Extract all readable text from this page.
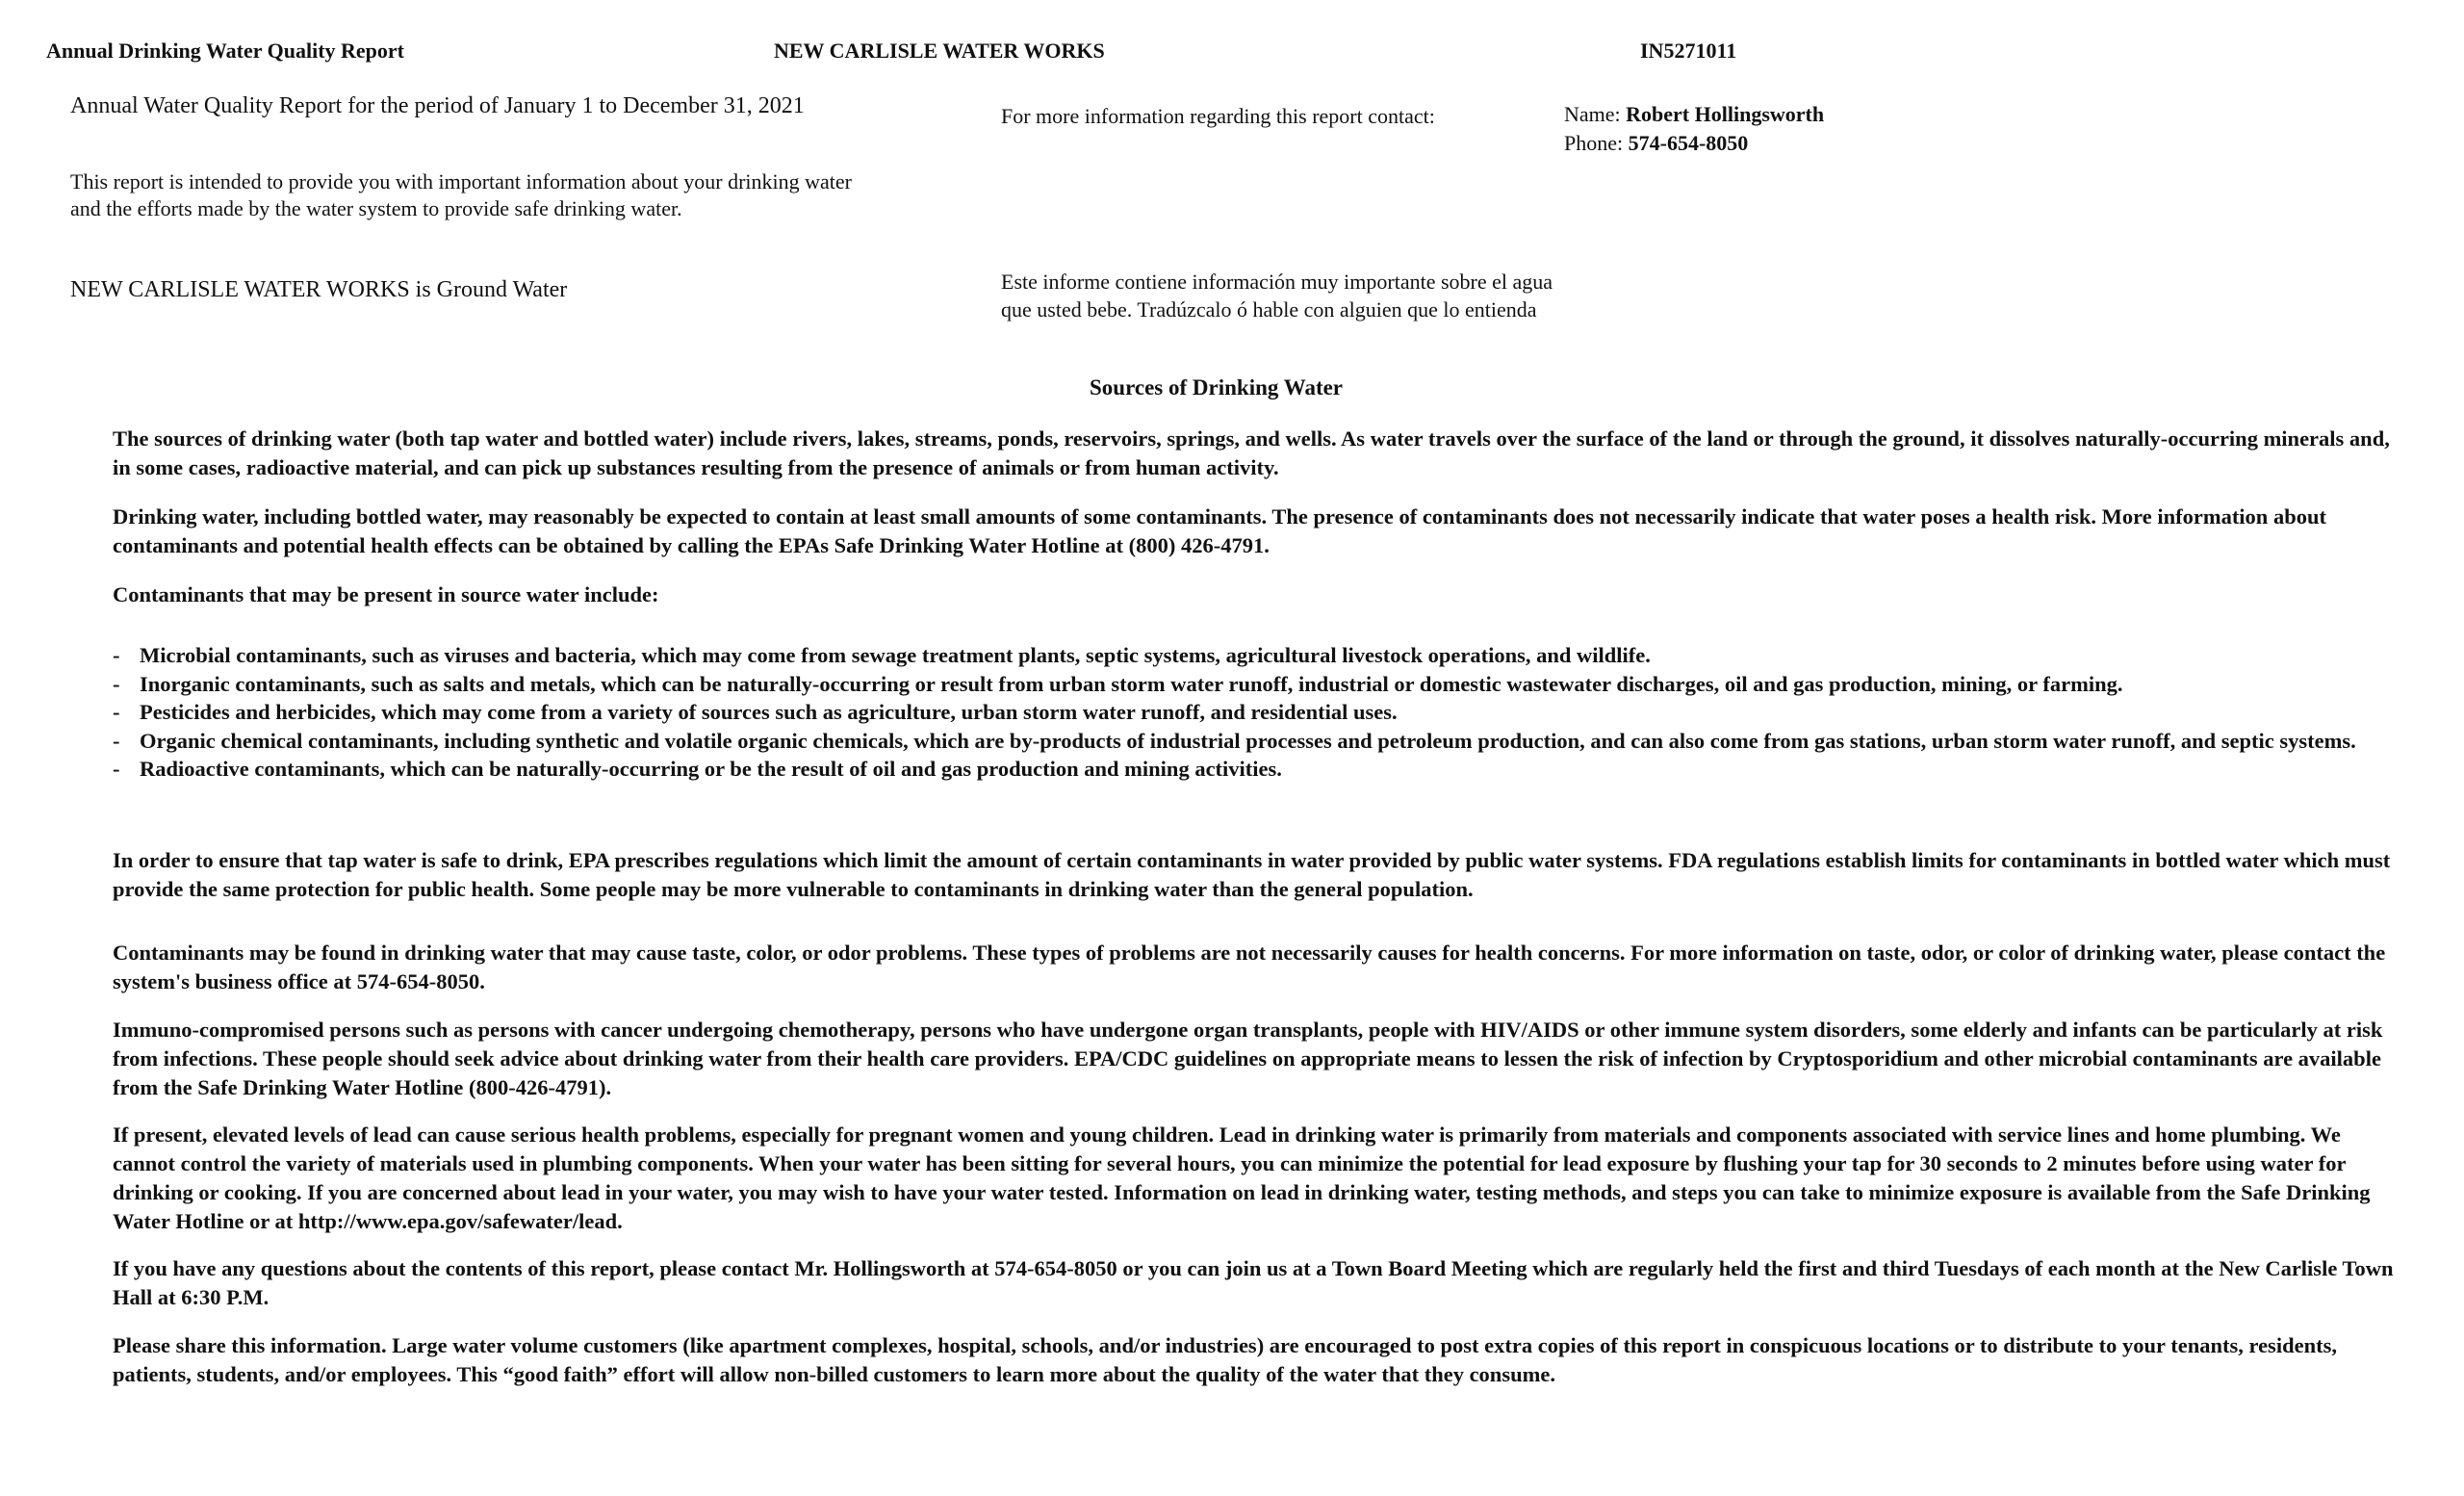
Annual Drinking Water Quality Report	NEW CARLISLE WATER WORKS	IN5271011
Annual Water Quality Report for the period of January 1 to December 31, 2021
This report is intended to provide you with important information about your drinking water and the efforts made by the water system to provide safe drinking water.
NEW CARLISLE WATER WORKS is Ground Water
For more information regarding this report contact:	Name: Robert Hollingsworth
Phone: 574-654-8050
Este informe contiene información muy importante sobre el agua
que usted bebe. Tradúzcalo ó hable con alguien que lo entienda
Sources of Drinking Water
The sources of drinking water (both tap water and bottled water) include rivers, lakes, streams, ponds, reservoirs, springs, and wells. As water travels over the surface of the land or through the ground, it dissolves naturally-occurring minerals and, in some cases, radioactive material, and can pick up substances resulting from the presence of animals or from human activity.
Drinking water, including bottled water, may reasonably be expected to contain at least small amounts of some contaminants. The presence of contaminants does not necessarily indicate that water poses a health risk. More information about contaminants and potential health effects can be obtained by calling the EPAs Safe Drinking Water Hotline at (800) 426-4791.
Contaminants that may be present in source water include:
- Microbial contaminants, such as viruses and bacteria, which may come from sewage treatment plants, septic systems, agricultural livestock operations, and wildlife.
- Inorganic contaminants, such as salts and metals, which can be naturally-occurring or result from urban storm water runoff, industrial or domestic wastewater discharges, oil and gas production, mining, or farming.
- Pesticides and herbicides, which may come from a variety of sources such as agriculture, urban storm water runoff, and residential uses.
- Organic chemical contaminants, including synthetic and volatile organic chemicals, which are by-products of industrial processes and petroleum production, and can also come from gas stations, urban storm water runoff, and septic systems.
- Radioactive contaminants, which can be naturally-occurring or be the result of oil and gas production and mining activities.
In order to ensure that tap water is safe to drink, EPA prescribes regulations which limit the amount of certain contaminants in water provided by public water systems. FDA regulations establish limits for contaminants in bottled water which must provide the same protection for public health. Some people may be more vulnerable to contaminants in drinking water than the general population.
Contaminants may be found in drinking water that may cause taste, color, or odor problems. These types of problems are not necessarily causes for health concerns. For more information on taste, odor, or color of drinking water, please contact the system's business office at 574-654-8050.
Immuno-compromised persons such as persons with cancer undergoing chemotherapy, persons who have undergone organ transplants, people with HIV/AIDS or other immune system disorders, some elderly and infants can be particularly at risk from infections. These people should seek advice about drinking water from their health care providers. EPA/CDC guidelines on appropriate means to lessen the risk of infection by Cryptosporidium and other microbial contaminants are available from the Safe Drinking Water Hotline (800-426-4791).
If present, elevated levels of lead can cause serious health problems, especially for pregnant women and young children. Lead in drinking water is primarily from materials and components associated with service lines and home plumbing. We cannot control the variety of materials used in plumbing components. When your water has been sitting for several hours, you can minimize the potential for lead exposure by flushing your tap for 30 seconds to 2 minutes before using water for drinking or cooking. If you are concerned about lead in your water, you may wish to have your water tested. Information on lead in drinking water, testing methods, and steps you can take to minimize exposure is available from the Safe Drinking Water Hotline or at http://www.epa.gov/safewater/lead.
If you have any questions about the contents of this report, please contact Mr. Hollingsworth at 574-654-8050 or you can join us at a Town Board Meeting which are regularly held the first and third Tuesdays of each month at the New Carlisle Town Hall at 6:30 P.M.
Please share this information. Large water volume customers (like apartment complexes, hospital, schools, and/or industries) are encouraged to post extra copies of this report in conspicuous locations or to distribute to your tenants, residents, patients, students, and/or employees. This “good faith” effort will allow non-billed customers to learn more about the quality of the water that they consume.
